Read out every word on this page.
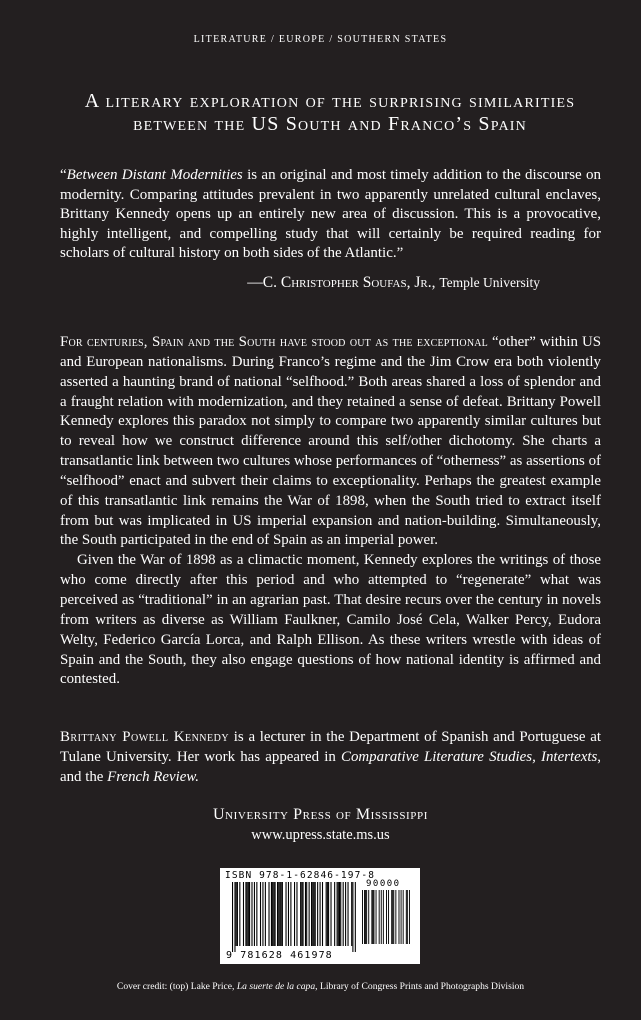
LITERATURE / EUROPE / SOUTHERN STATES
A literary exploration of the surprising similarities
between the US South and Franco’s Spain
“Between Distant Modernities is an original and most timely addition to the discourse on modernity. Comparing attitudes prevalent in two apparently unrelated cultural enclaves, Brittany Kennedy opens up an entirely new area of discussion. This is a provocative, highly intelligent, and compelling study that will certainly be required reading for scholars of cultural history on both sides of the Atlantic.”
—C. Christopher Soufas, Jr., Temple University

For centuries, Spain and the South have stood out as the exceptional “other” within US and European nationalisms. During Franco’s regime and the Jim Crow era both violently asserted a haunting brand of national “selfhood.” Both areas shared a loss of splendor and a fraught relation with modernization, and they retained a sense of defeat. Brittany Powell Kennedy explores this paradox not simply to compare two apparently similar cultures but to reveal how we construct difference around this self/other dichotomy. She charts a transatlantic link between two cultures whose performances of “otherness” as assertions of “selfhood” enact and subvert their claims to exceptionality. Perhaps the greatest example of this transatlantic link remains the War of 1898, when the South tried to extract itself from but was implicated in US imperial expansion and nation-building. Simultaneously, the South participated in the end of Spain as an imperial power.

Given the War of 1898 as a climactic moment, Kennedy explores the writings of those who come directly after this period and who attempted to “regenerate” what was perceived as “traditional” in an agrarian past. That desire recurs over the century in novels from writers as diverse as William Faulkner, Camilo José Cela, Walker Percy, Eudora Welty, Federico García Lorca, and Ralph Ellison. As these writers wrestle with ideas of Spain and the South, they also engage questions of how national identity is affirmed and contested.

Brittany Powell Kennedy is a lecturer in the Department of Spanish and Portuguese at Tulane University. Her work has appeared in Comparative Literature Studies, Intertexts, and the French Review.
University Press of Mississippi
www.upress.state.ms.us
ISBN 978-1-62846-197-8
90000
9 781628 461978
Cover credit: (top) Lake Price, La suerte de la capa, Library of Congress Prints and Photographs Division
